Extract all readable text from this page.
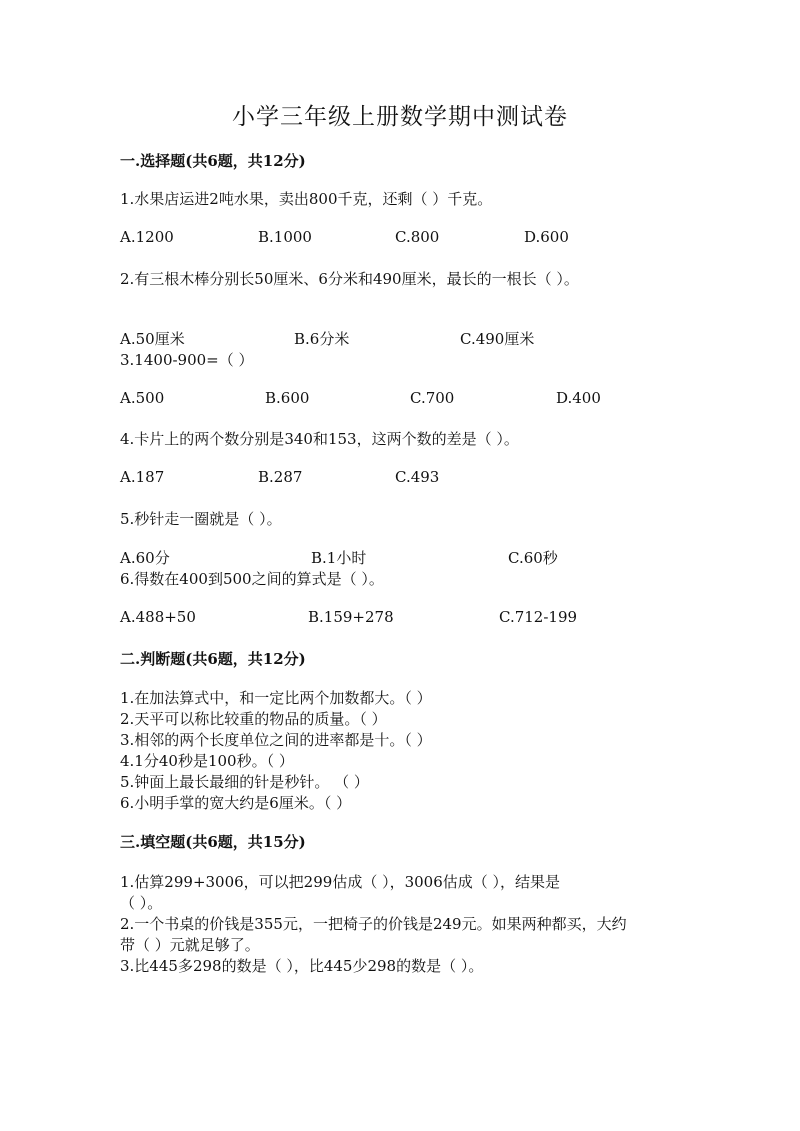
小学三年级上册数学期中测试卷
一.选择题(共6题，共12分)
1.水果店运进2吨水果，卖出800千克，还剩（ ）千克。
A.1200	B.1000	C.800	D.600
2.有三根木棒分别长50厘米、6分米和490厘米，最长的一根长（ ）。
A.50厘米	B.6分米	C.490厘米
3.1400-900=（ ）
A.500	B.600	C.700	D.400
4.卡片上的两个数分别是340和153，这两个数的差是（ ）。
A.187	B.287	C.493
5.秒针走一圈就是（ ）。
A.60分	B.1小时	C.60秒
6.得数在400到500之间的算式是（ ）。
A.488+50	B.159+278	C.712-199
二.判断题(共6题，共12分)
1.在加法算式中，和一定比两个加数都大。（ ）
2.天平可以称比较重的物品的质量。（ ）
3.相邻的两个长度单位之间的进率都是十。（ ）
4.1分40秒是100秒。（ ）
5.钟面上最长最细的针是秒针。 （ ）
6.小明手掌的宽大约是6厘米。（ ）
三.填空题(共6题，共15分)
1.估算299+3006，可以把299估成（ ），3006估成（ ），结果是
（ ）。
2.一个书桌的价钱是355元，一把椅子的价钱是249元。如果两种都买，大约
带（ ）元就足够了。
3.比445多298的数是（ ），比445少298的数是（ ）。
